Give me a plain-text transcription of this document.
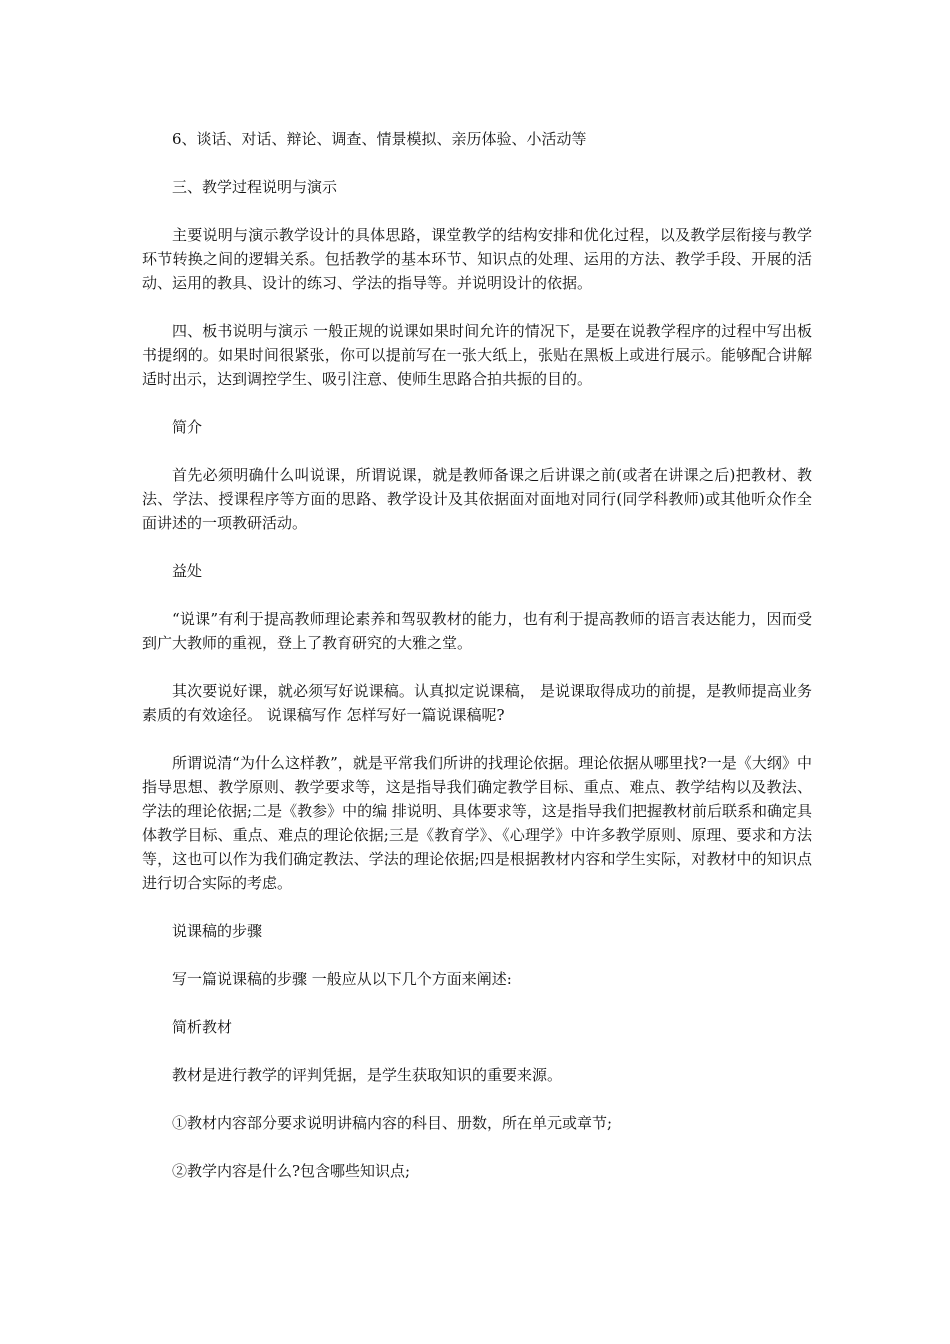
6、谈话、对话、辩论、调查、情景模拟、亲历体验、小活动等

三、教学过程说明与演示

主要说明与演示教学设计的具体思路，课堂教学的结构安排和优化过程，以及教学层衔接与教学环节转换之间的逻辑关系。包括教学的基本环节、知识点的处理、运用的方法、教学手段、开展的活动、运用的教具、设计的练习、学法的指导等。并说明设计的依据。

四、板书说明与演示 一般正规的说课如果时间允许的情况下，是要在说教学程序的过程中写出板书提纲的。如果时间很紧张，你可以提前写在一张大纸上，张贴在黑板上或进行展示。能够配合讲解适时出示，达到调控学生、吸引注意、使师生思路合拍共振的目的。

简介

首先必须明确什么叫说课，所谓说课，就是教师备课之后讲课之前(或者在讲课之后)把教材、教法、学法、授课程序等方面的思路、教学设计及其依据面对面地对同行(同学科教师)或其他听众作全面讲述的一项教研活动。

益处

“说课”有利于提高教师理论素养和驾驭教材的能力，也有利于提高教师的语言表达能力，因而受到广大教师的重视，登上了教育研究的大雅之堂。

其次要说好课，就必须写好说课稿。认真拟定说课稿， 是说课取得成功的前提，是教师提高业务素质的有效途径。 说课稿写作 怎样写好一篇说课稿呢?

所谓说清“为什么这样教”，就是平常我们所讲的找理论依据。理论依据从哪里找?一是《大纲》中指导思想、教学原则、教学要求等，这是指导我们确定教学目标、重点、难点、教学结构以及教法、学法的理论依据;二是《教参》中的编 排说明、具体要求等，这是指导我们把握教材前后联系和确定具体教学目标、重点、难点的理论依据;三是《教育学》、《心理学》中许多教学原则、原理、要求和方法等，这也可以作为我们确定教法、学法的理论依据;四是根据教材内容和学生实际，对教材中的知识点进行切合实际的考虑。

说课稿的步骤

写一篇说课稿的步骤 一般应从以下几个方面来阐述:

简析教材

教材是进行教学的评判凭据，是学生获取知识的重要来源。

①教材内容部分要求说明讲稿内容的科目、册数，所在单元或章节;

②教学内容是什么?包含哪些知识点;
